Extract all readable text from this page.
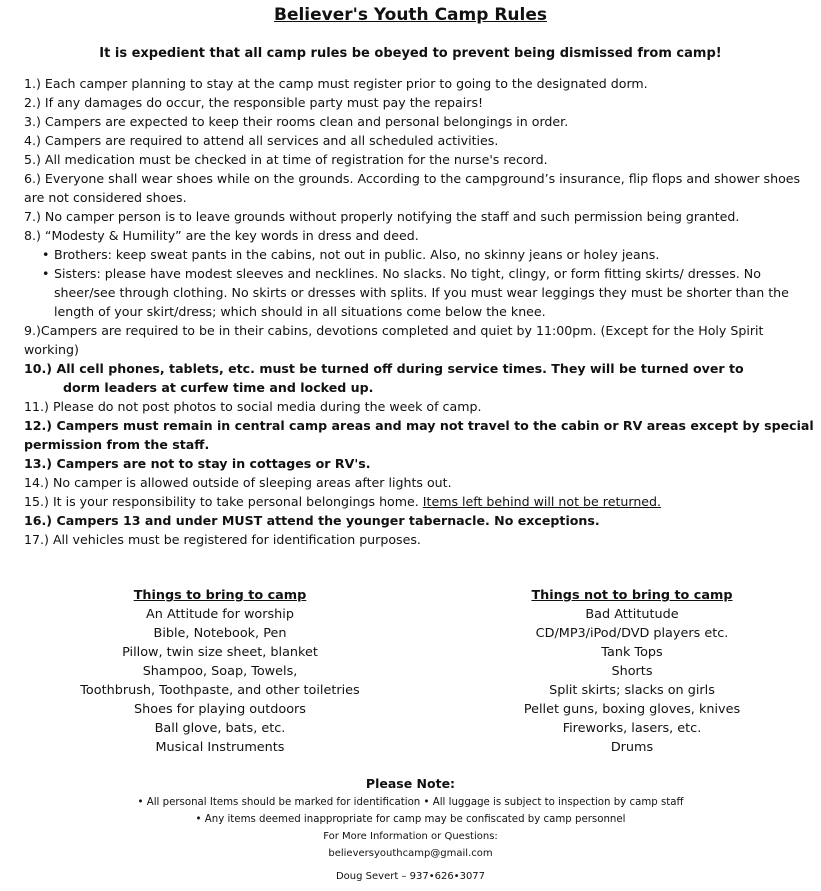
Believer's Youth Camp Rules
It is expedient that all camp rules be obeyed to prevent being dismissed from camp!
1.) Each camper planning to stay at the camp must register prior to going to the designated dorm.
2.) If any damages do occur, the responsible party must pay the repairs!
3.) Campers are expected to keep their rooms clean and personal belongings in order.
4.) Campers are required to attend all services and all scheduled activities.
5.) All medication must be checked in at time of registration for the nurse's record.
6.) Everyone shall wear shoes while on the grounds. According to the campground’s insurance, flip flops and shower shoes are not considered shoes.
7.) No camper person is to leave grounds without properly notifying the staff and such permission being granted.
8.) “Modesty & Humility” are the key words in dress and deed.
• Brothers: keep sweat pants in the cabins, not out in public. Also, no skinny jeans or holey jeans.
• Sisters: please have modest sleeves and necklines. No slacks. No tight, clingy, or form fitting skirts/ dresses. No sheer/see through clothing. No skirts or dresses with splits. If you must wear leggings they must be shorter than the length of your skirt/dress; which should in all situations come below the knee.
9.)Campers are required to be in their cabins, devotions completed and quiet by 11:00pm. (Except for the Holy Spirit working)
10.) All cell phones, tablets, etc. must be turned off during service times. They will be turned over to
dorm leaders at curfew time and locked up.
11.) Please do not post photos to social media during the week of camp.
12.) Campers must remain in central camp areas and may not travel to the cabin or RV areas except by special permission from the staff.
13.) Campers are not to stay in cottages or RV's.
14.) No camper is allowed outside of sleeping areas after lights out.
15.) It is your responsibility to take personal belongings home. Items left behind will not be returned.
16.) Campers 13 and under MUST attend the younger tabernacle. No exceptions.
17.) All vehicles must be registered for identification purposes.
Things to bring to camp
An Attitude for worship
Bible, Notebook, Pen
Pillow, twin size sheet, blanket
Shampoo, Soap, Towels,
Toothbrush, Toothpaste, and other toiletries
Shoes for playing outdoors
Ball glove, bats, etc.
Musical Instruments
Things not to bring to camp
Bad Attitutude
CD/MP3/iPod/DVD players etc.
Tank Tops
Shorts
Split skirts; slacks on girls
Pellet guns, boxing gloves, knives
Fireworks, lasers, etc.
Drums
Please Note:
• All personal Items should be marked for identification • All luggage is subject to inspection by camp staff
• Any items deemed inappropriate for camp may be confiscated by camp personnel
For More Information or Questions:
believersyouthcamp@gmail.com
Doug Severt – 937•626•3077
